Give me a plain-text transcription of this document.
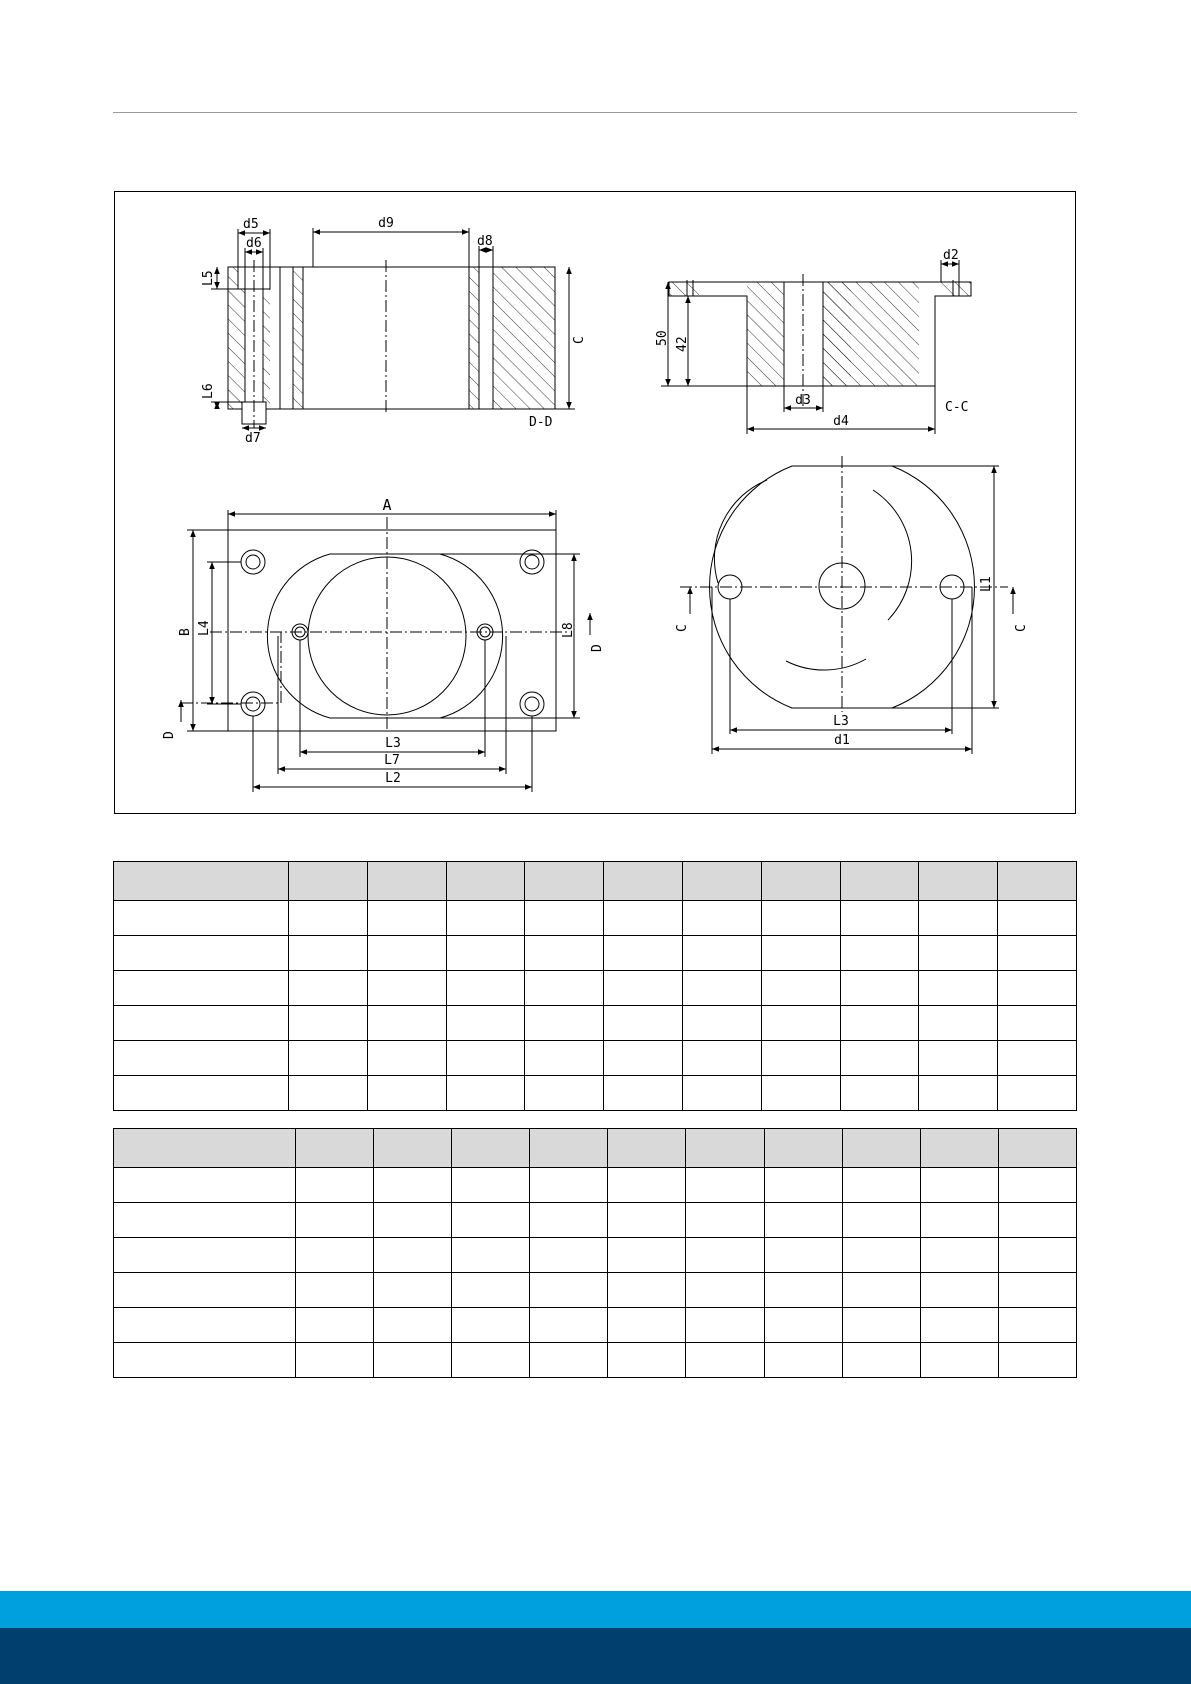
d5
d6
d9
d8
L5
L6
d7
C
D-D
d2
50 42
d3
d4
C-C
A
B L4	L8
L3
L7
L2
D
D
L1
L3
d1
C	C
